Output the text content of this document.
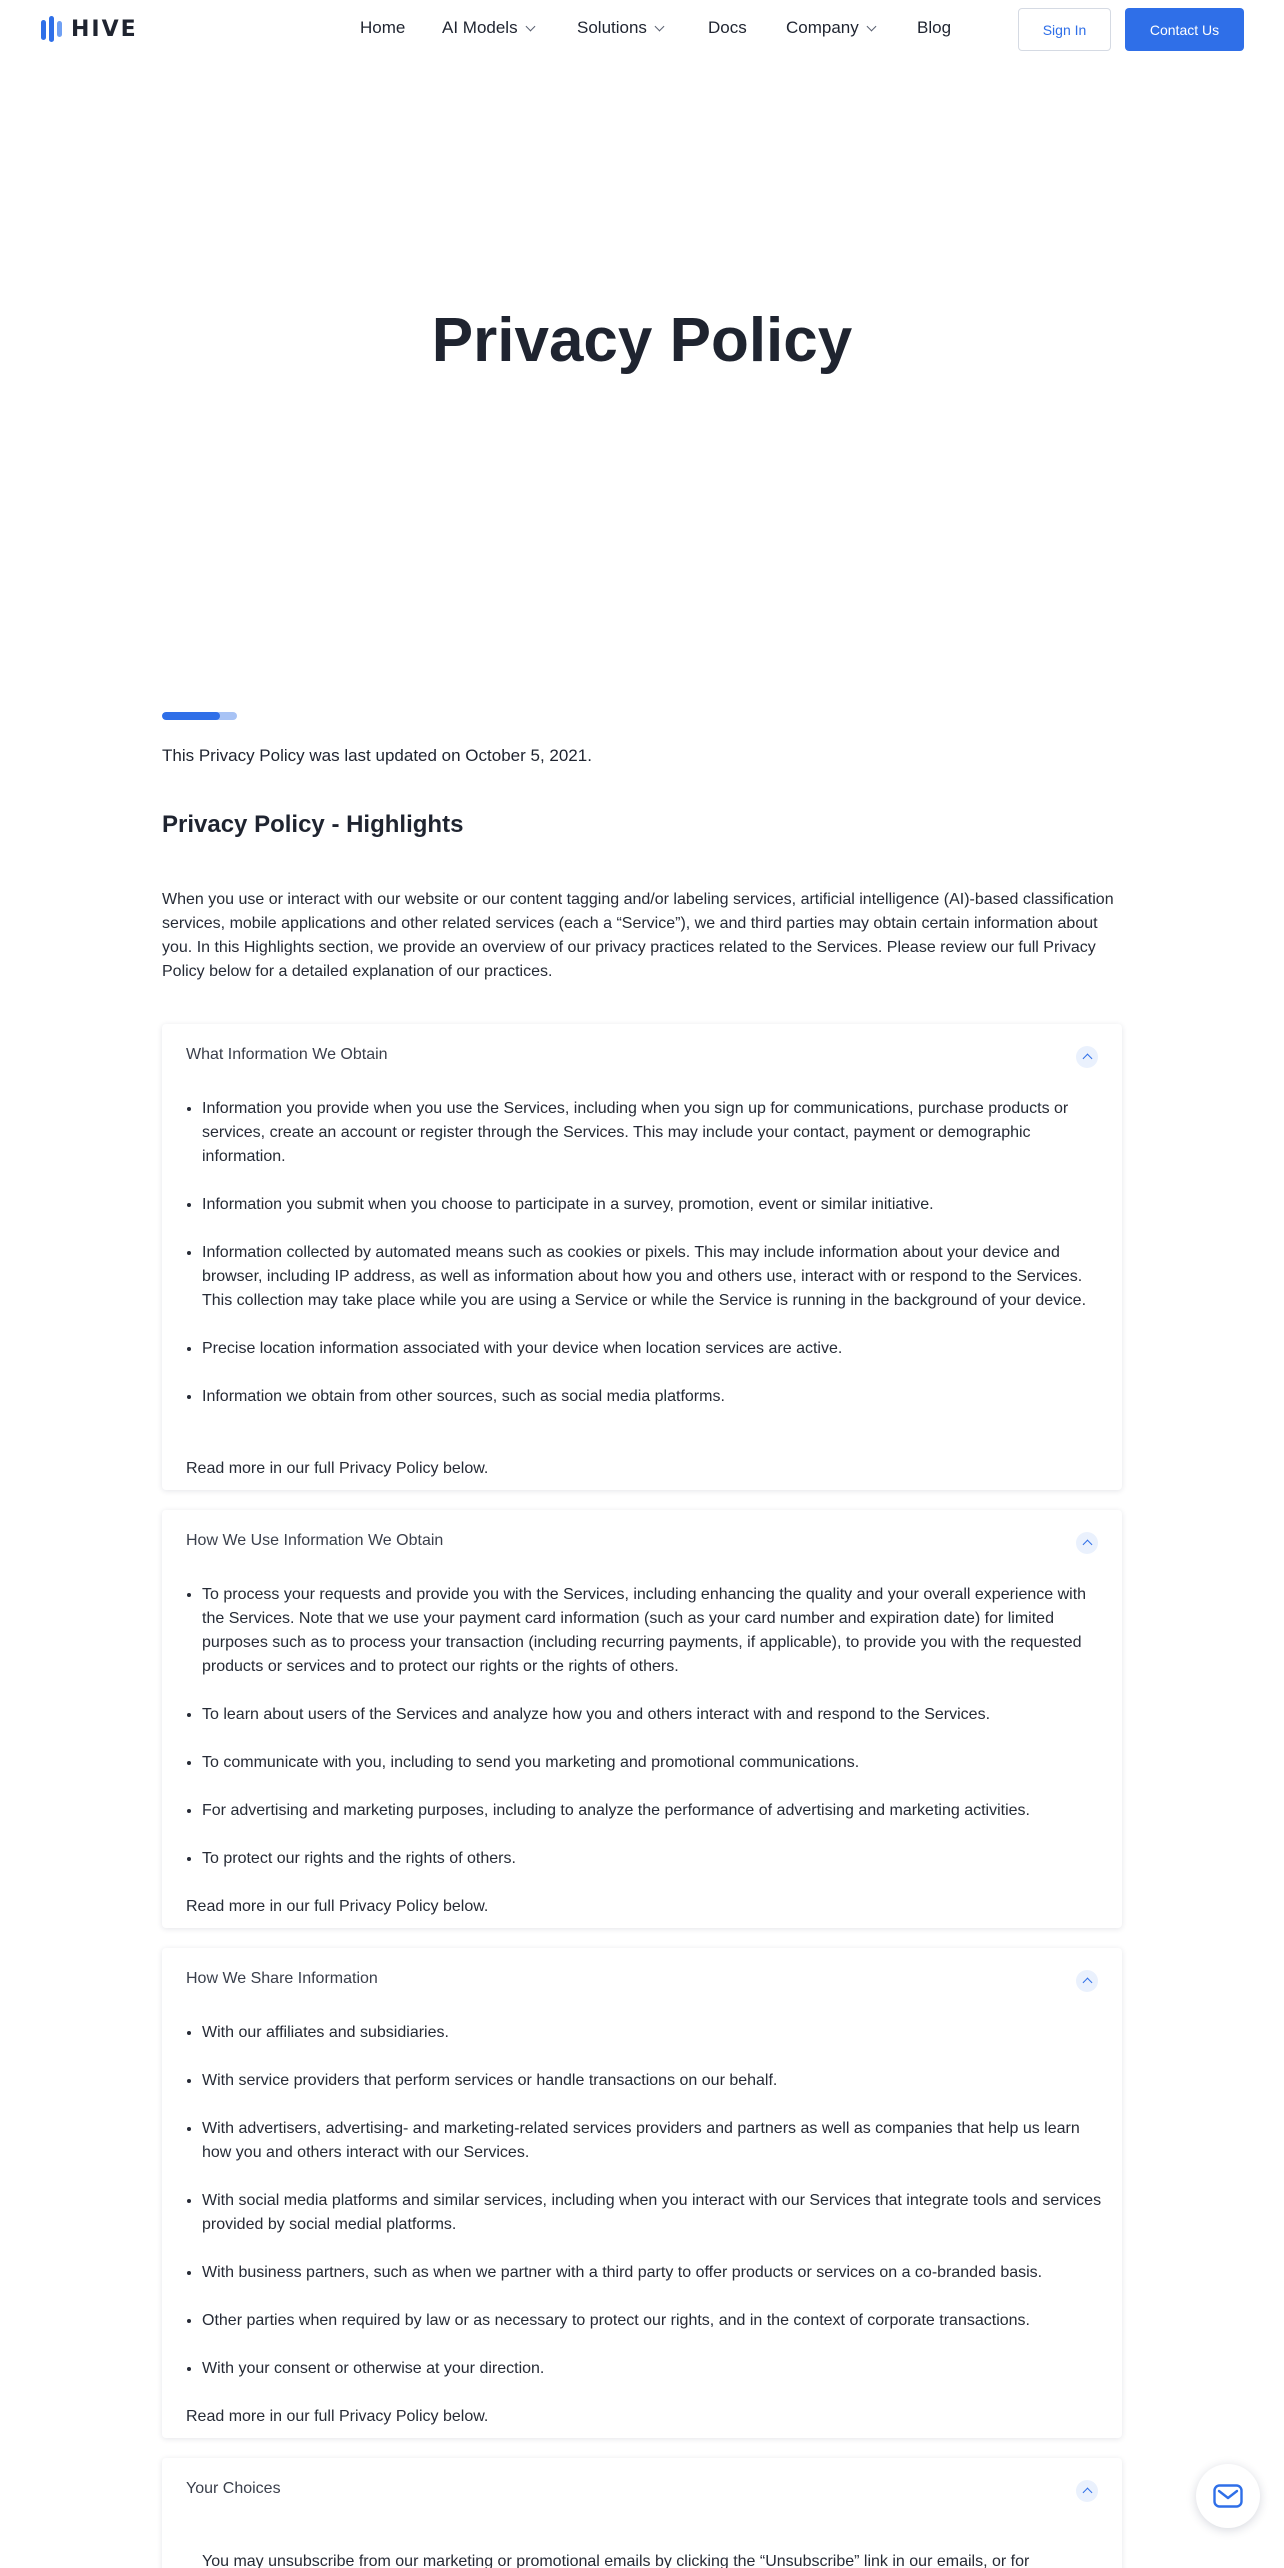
HIVE	Home AI Models	Solutions	Docs Company	Blog	Sign In	Contact Us
Privacy Policy

This Privacy Policy was last updated on October 5, 2021.

Privacy Policy - Highlights

When you use or interact with our website or our content tagging and/or labeling services, artificial intelligence (AI)-based classification services, mobile applications and other related services (each a “Service”), we and third parties may obtain certain information about you. In this Highlights section, we provide an overview of our privacy practices related to the Services. Please review our full Privacy Policy below for a detailed explanation of our practices.

What Information We Obtain
• Information you provide when you use the Services, including when you sign up for communications, purchase products or services, create an account or register through the Services. This may include your contact, payment or demographic information.
• Information you submit when you choose to participate in a survey, promotion, event or similar initiative.
• Information collected by automated means such as cookies or pixels. This may include information about your device and browser, including IP address, as well as information about how you and others use, interact with or respond to the Services. This collection may take place while you are using a Service or while the Service is running in the background of your device.
• Precise location information associated with your device when location services are active.
• Information we obtain from other sources, such as social media platforms.
Read more in our full Privacy Policy below.
How We Use Information We Obtain
• To process your requests and provide you with the Services, including enhancing the quality and your overall experience with the Services. Note that we use your payment card information (such as your card number and expiration date) for limited purposes such as to process your transaction (including recurring payments, if applicable), to provide you with the requested products or services and to protect our rights or the rights of others.
• To learn about users of the Services and analyze how you and others interact with and respond to the Services.
• To communicate with you, including to send you marketing and promotional communications.
• For advertising and marketing purposes, including to analyze the performance of advertising and marketing activities.
• To protect our rights and the rights of others.
Read more in our full Privacy Policy below.
How We Share Information
• With our affiliates and subsidiaries.
• With service providers that perform services or handle transactions on our behalf.
• With advertisers, advertising- and marketing-related services providers and partners as well as companies that help us learn how you and others interact with our Services.
• With social media platforms and similar services, including when you interact with our Services that integrate tools and services provided by social medial platforms.
• With business partners, such as when we partner with a third party to offer products or services on a co-branded basis.
• Other parties when required by law or as necessary to protect our rights, and in the context of corporate transactions.
• With your consent or otherwise at your direction.
Read more in our full Privacy Policy below.
Your Choices
• You may unsubscribe from our marketing or promotional emails by clicking the “Unsubscribe” link in our emails, or for
